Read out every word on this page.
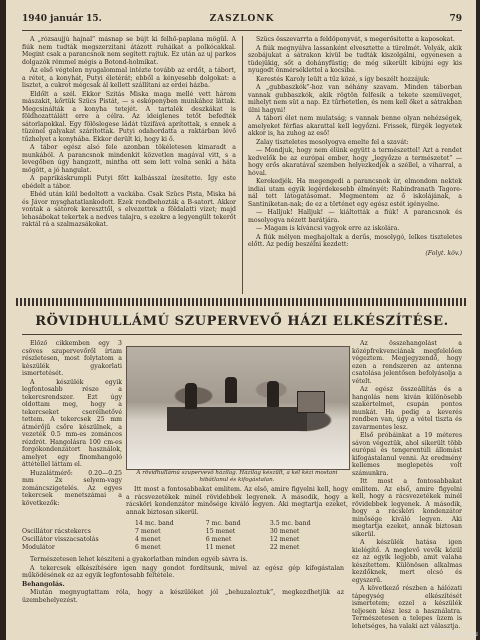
1940 január 15.	ZASZLONK	79

A „rózsaujjú hajnal” másnap se bújt ki felhő-paplana mögül. A fiúk nem tudták megszerzitani átázott ruháikat a polkócakkal. Megint csak a parancsnok nem segített rajtuk. Ez után az uj parkos dolgazók rémmel mégis a Botond-holmikat.

Az első végtelen nyugalommal intézte tovább az erdőt, a tábort, a rétet, a konyhát, Putyi életérát; ebből a kényesebb dolgokat: a lisztet, a cukrot mégcsak ál kellett szállítani az erdei házba.

Eldőlt a szél. Ekkor Szitás Miska maga mellé vett három mászakit, kőrtük Szücs Pistát, — s eskópenyben munkához láttak. Megcsinálták a konyha tetejét. A tartalék deszkákat is földhozattálátt erre a célra. Az ideiglenes tetőt befedték sátorlapokkal. Egy fölöslegese ládát tüzifává aprítottak, s ennek a tüzénel galyakat szárítottak. Putyi odahordatta a raktárban lévő tűzhelyet a konyhába. Ekkor derült ki, hogy ki ő.

A tábor egész alsó fele azonban tökéletesen kimaradt a munkából. A parancsnok mindenkit közvetlen magával vitt, s a levegőben úgy hangzott, mintha ott sem lett volna senki a háta mögött, a jó hangulat.

A paprikáskrumpli Putyi főtt kalbásszal ízesítette. Így este ebédelt a tábor.

Ebéd után kiül bedoltott a vackába. Csak Szücs Pista, Miska bá és Jávor mysghatatlankodott. Ezek rendbehozták a B-satort. Akkor vontak a sátorok kereszttől, s elvezettek a földalatti vizet; majd lehasábokat tekertek a nedves talajra, s ezekre a legyengült tekerőt raktál rá a szalmazsákokat.

Szücs összevarrta a feldöponyvát, s megerősítette a kaposokat.

A fiúk megnyúlva lassanként elvesztette a türelmét. Volyák, akik szobájukat a sátrakon kívül be tudták kiszolgálni, egyenesen a tüdejükig, sőt a dohányfüstig; de még sikerült kibújni egy kis nyugodt önmérséklettel a kocsiba.

Kerestés Karoly leült a tűz közé, s így beszélt hozzájuk:

A „gubbaszkók”-hoz van néhány szavam. Minden táborban vannak gubbaszkók, akik rögtön felfesik a tekete szemüveget, mihelyt nem süt a nap. Ez tűrhetetlen, és nem kell őket a sátrakban ülni hagyni!

A tábori élet nem mulatság; s vannak benne olyan nehézségek, amelyeket férfias akarattal kell legyőzni. Frissek, fürgék legyetek akkor is, ha zuhog az eső!

Zalay tiszteletes mosolyogva emelte fel a szavát:

— Mondjuk, hogy nem élünk együtt a természettel! Azt a rendet kedvelők be az európai ember, hogy „legyőzze a természetet” — hogy erős akaratával szemben helyezkedjék a széllel, a viharral, a hóval.

Kerekedjék. Ha megengedi a parancsnok úr, elmondom nektek indiai utam egyik legérdekesebb élményét: Rabindranath Tagore-nál tett látogatásomat. Megmentem az ő iskolájának, a Santiniketan-nak; de ez a történet egy egész estét igényelne.

— Halljuk! Halljuk! — kiáltották a fiúk! A parancsnok és mosolyogva nézett barátjára.

— Magam is kíváncsi vagyok erre az iskolára.

A fiúk mélyen meghajoltak a derűs, mosolygó, lelkes tiszteletes előtt. Az pedig beszélni kezdett:

(Folyt. köv.)

RÖVIDHULLÁMÚ SZUPERVEVŐ HÁZI ELKÉSZÍTÉSE.

Előző cikkemben egy 3 csöves szupervevőről írtam részletesen, most folytatom a készülék gyakorlati ismertetését.

A készülék egyik legfontosabb része a tekercsrendszer. Ezt úgy oldottam meg, hogy a tekercseket cserélhetővé tettem. A tekercsek 25 mm átmérőjű csőre készülnek, a vezeték 0.5 mm-es zománcos rézdrót. Hangolásra 100 cm-es forgókondenzátort használok, amelyet egy finomhangoló áttétellel láttam el.

Huzalátmérő: 0.20—0.25 mm 2x selyem-vagy zománcszigetelés. Az egyes tekercsek menetszámai a következők:

A rövidhullámú szupervevő házilag. Házilag készült, a kél kézi mostani hibátlanul és kifogástalan.

Az összehangolást a középfrekvenciának megfelelően végeztem. Megjegyzendő, hogy ezen a rendszeren az antenna csatolása jelentősen befolyásolja a vételt.

Az egész összeállítás és a hangolás nem kiván különösebb szakértelmet, csupán pontos munkát. Ha pedig a keverés rendben van, úgy a vétel tiszta és zavarmentes lesz.

Első próbáinkat a 19 méteres sávon végeztük, ahol sikerült több európai és tengerentúli állomást kifogástalanul venni. Az eredmény kellemes meglepetés volt számunkra.

Itt most a fontosabbakat említem. Az első, amire figyelni kell, hogy a rácsvezetékek minél rövidebbek legyenek. A második, hogy a rácsköri kondenzátor minősége kiváló legyen. Aki megtartja ezeket, annak biztosan sikerül.

A készülék hatása igen kielégítő. A meglevő vevők közül ez az egyik legjobb, amit valaha készítettem. Különösen alkalmas kezdőknek, mert olcsó és egyszerű.

A következő részben a hálózati tápegység elkészítését ismertetem; ezzel a készülék teljesen kész lesz a használatra. Természetesen a telepes üzem is lehetséges, ha valaki azt választja.

Itt most a fontosabbakat említem. Az első, amire figyelni kell, hogy a rácsvezetékek minél rövidebbek legyenek. A második, hogy a rácsköri kondenzátor minősége kiváló legyen. Aki megtartja ezeket, annak biztosan sikerül.

	14 mc. band	7 mc. band	3.5 mc. band
Oscillátor rácstekercs	7 menet	15 menet	30 menet
Oscillátor visszacsatolás	4 menet	6 menet	12 menet
Modulátor	6 menet	11 menet	22 menet

Természetesen lehet készíteni a gyakorlatban minden egyéb sávra is.

A tekercsek elkészítésére igen nagy gondot fordítsunk, mivel az egész gép kifogástalan működésének ez az egyik legfontosabb feltétele.

Behangolás.

Miután megnyugtattam róla, hogy a készüléket jól „behuzaloztuk”, megkezdhetjük az üzembehelyezést.

Antikvarium.hu
